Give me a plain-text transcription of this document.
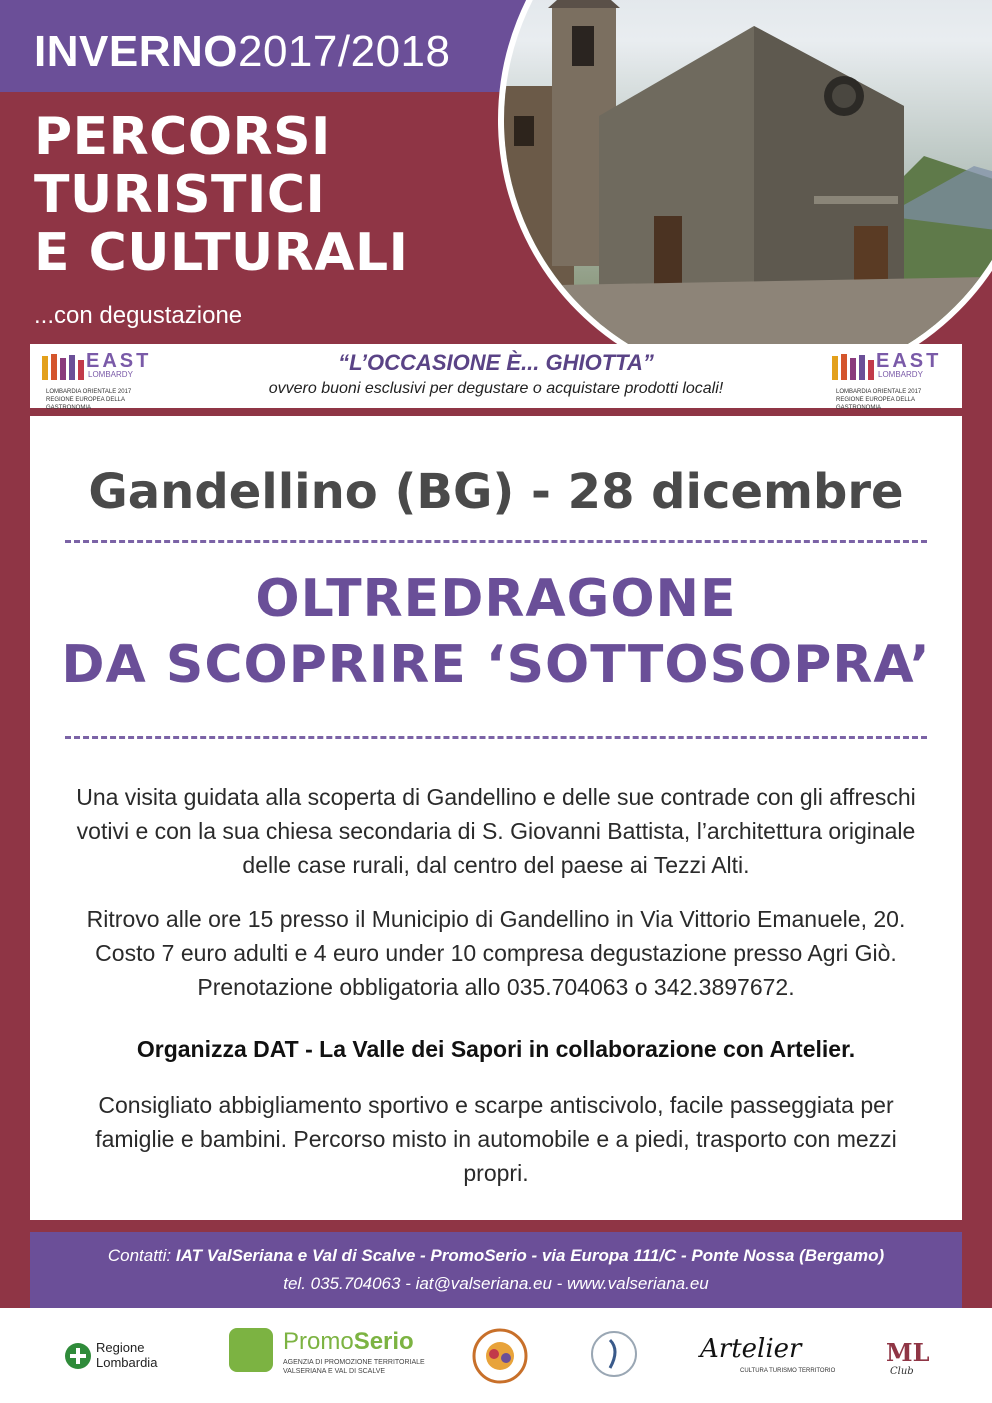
INVERNO2017/2018
PERCORSI
TURISTICI
E CULTURALI
...con degustazione
EAST
LOMBARDY
LOMBARDIA ORIENTALE 2017
REGIONE EUROPEA DELLA GASTRONOMIA
“L’OCCASIONE È... GHIOTTA”
ovvero buoni esclusivi per degustare o acquistare prodotti locali!
EAST
LOMBARDY
LOMBARDIA ORIENTALE 2017
REGIONE EUROPEA DELLA GASTRONOMIA
Gandellino (BG) - 28 dicembre
OLTREDRAGONE
DA SCOPRIRE ‘SOTTOSOPRA’
Una visita guidata alla scoperta di Gandellino e delle sue contrade con gli affreschi votivi e con la sua chiesa secondaria di S. Giovanni Battista, l’architettura originale delle case rurali, dal centro del paese ai Tezzi Alti.
Ritrovo alle ore 15 presso il Municipio di Gandellino in Via Vittorio Emanuele, 20. Costo 7 euro adulti e 4 euro under 10 compresa degustazione presso Agri Giò. Prenotazione obbligatoria allo 035.704063 o 342.3897672.
Organizza DAT - La Valle dei Sapori in collaborazione con Artelier.
Consigliato abbigliamento sportivo e scarpe antiscivolo, facile passeggiata per famiglie e bambini. Percorso misto in automobile e a piedi, trasporto con mezzi propri.
Contatti: IAT ValSeriana e Val di Scalve - PromoSerio - via Europa 111/C - Ponte Nossa (Bergamo)
tel. 035.704063 - iat@valseriana.eu - www.valseriana.eu
Regione
Lombardia
PromoSerio
AGENZIA DI PROMOZIONE TERRITORIALE
VALSERIANA E VAL DI SCALVE
Artelier
CULTURA TURISMO TERRITORIO
ML
Club
